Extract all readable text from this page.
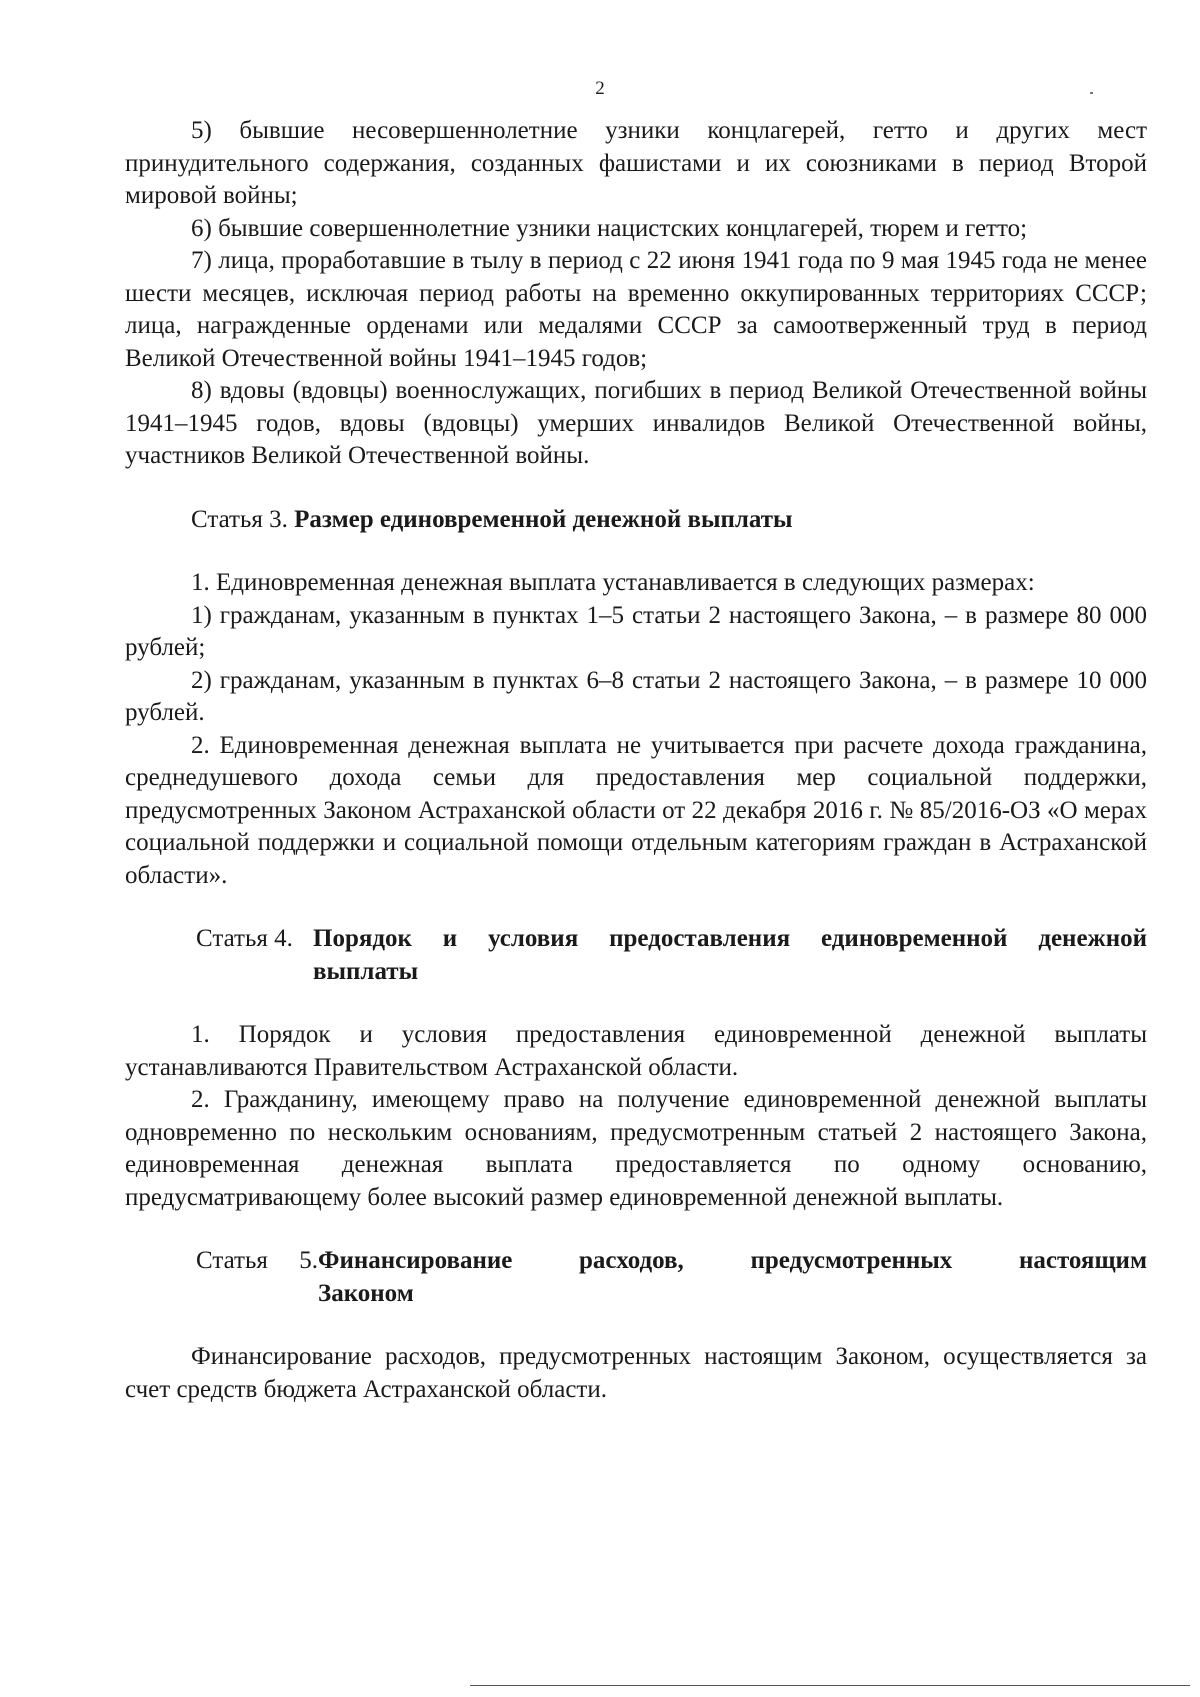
2

5) бывшие несовершеннолетние узники концлагерей, гетто и других мест принудительного содержания, созданных фашистами и их союзниками в период Второй мировой войны;

6) бывшие совершеннолетние узники нацистских концлагерей, тюрем и гетто;

7) лица, проработавшие в тылу в период с 22 июня 1941 года по 9 мая 1945 года не менее шести месяцев, исключая период работы на временно оккупированных территориях СССР; лица, награжденные орденами или медалями СССР за самоотверженный труд в период Великой Отечественной войны 1941–1945 годов;

8) вдовы (вдовцы) военнослужащих, погибших в период Великой Отечественной войны 1941–1945 годов, вдовы (вдовцы) умерших инвалидов Великой Отечественной войны, участников Великой Отечественной войны.

Статья 3.
Размер единовременной денежной выплаты

1. Единовременная денежная выплата устанавливается в следующих размерах:

1) гражданам, указанным в пунктах 1–5 статьи 2 настоящего Закона, – в размере 80 000 рублей;

2) гражданам, указанным в пунктах 6–8 статьи 2 настоящего Закона, – в размере 10 000 рублей.

2. Единовременная денежная выплата не учитывается при расчете дохода гражданина, среднедушевого дохода семьи для предоставления мер социальной поддержки, предусмотренных Законом Астраханской области от 22 декабря 2016 г. № 85/2016-ОЗ «О мерах социальной поддержки и социальной помощи отдельным категориям граждан в Астраханской области».

Статья 4. Порядок и условия предоставления единовременной денежной
выплаты

1. Порядок и условия предоставления единовременной денежной выплаты устанавливаются Правительством Астраханской области.

2. Гражданину, имеющему право на получение единовременной денежной выплаты одновременно по нескольким основаниям, предусмотренным статьей 2 настоящего Закона, единовременная денежная выплата предоставляется по одному основанию, предусматривающему более высокий размер единовременной денежной выплаты.

Статья 5. Финансирование расходов, предусмотренных настоящим
Законом

Финансирование расходов, предусмотренных настоящим Законом, осуществляется за счет средств бюджета Астраханской области.
